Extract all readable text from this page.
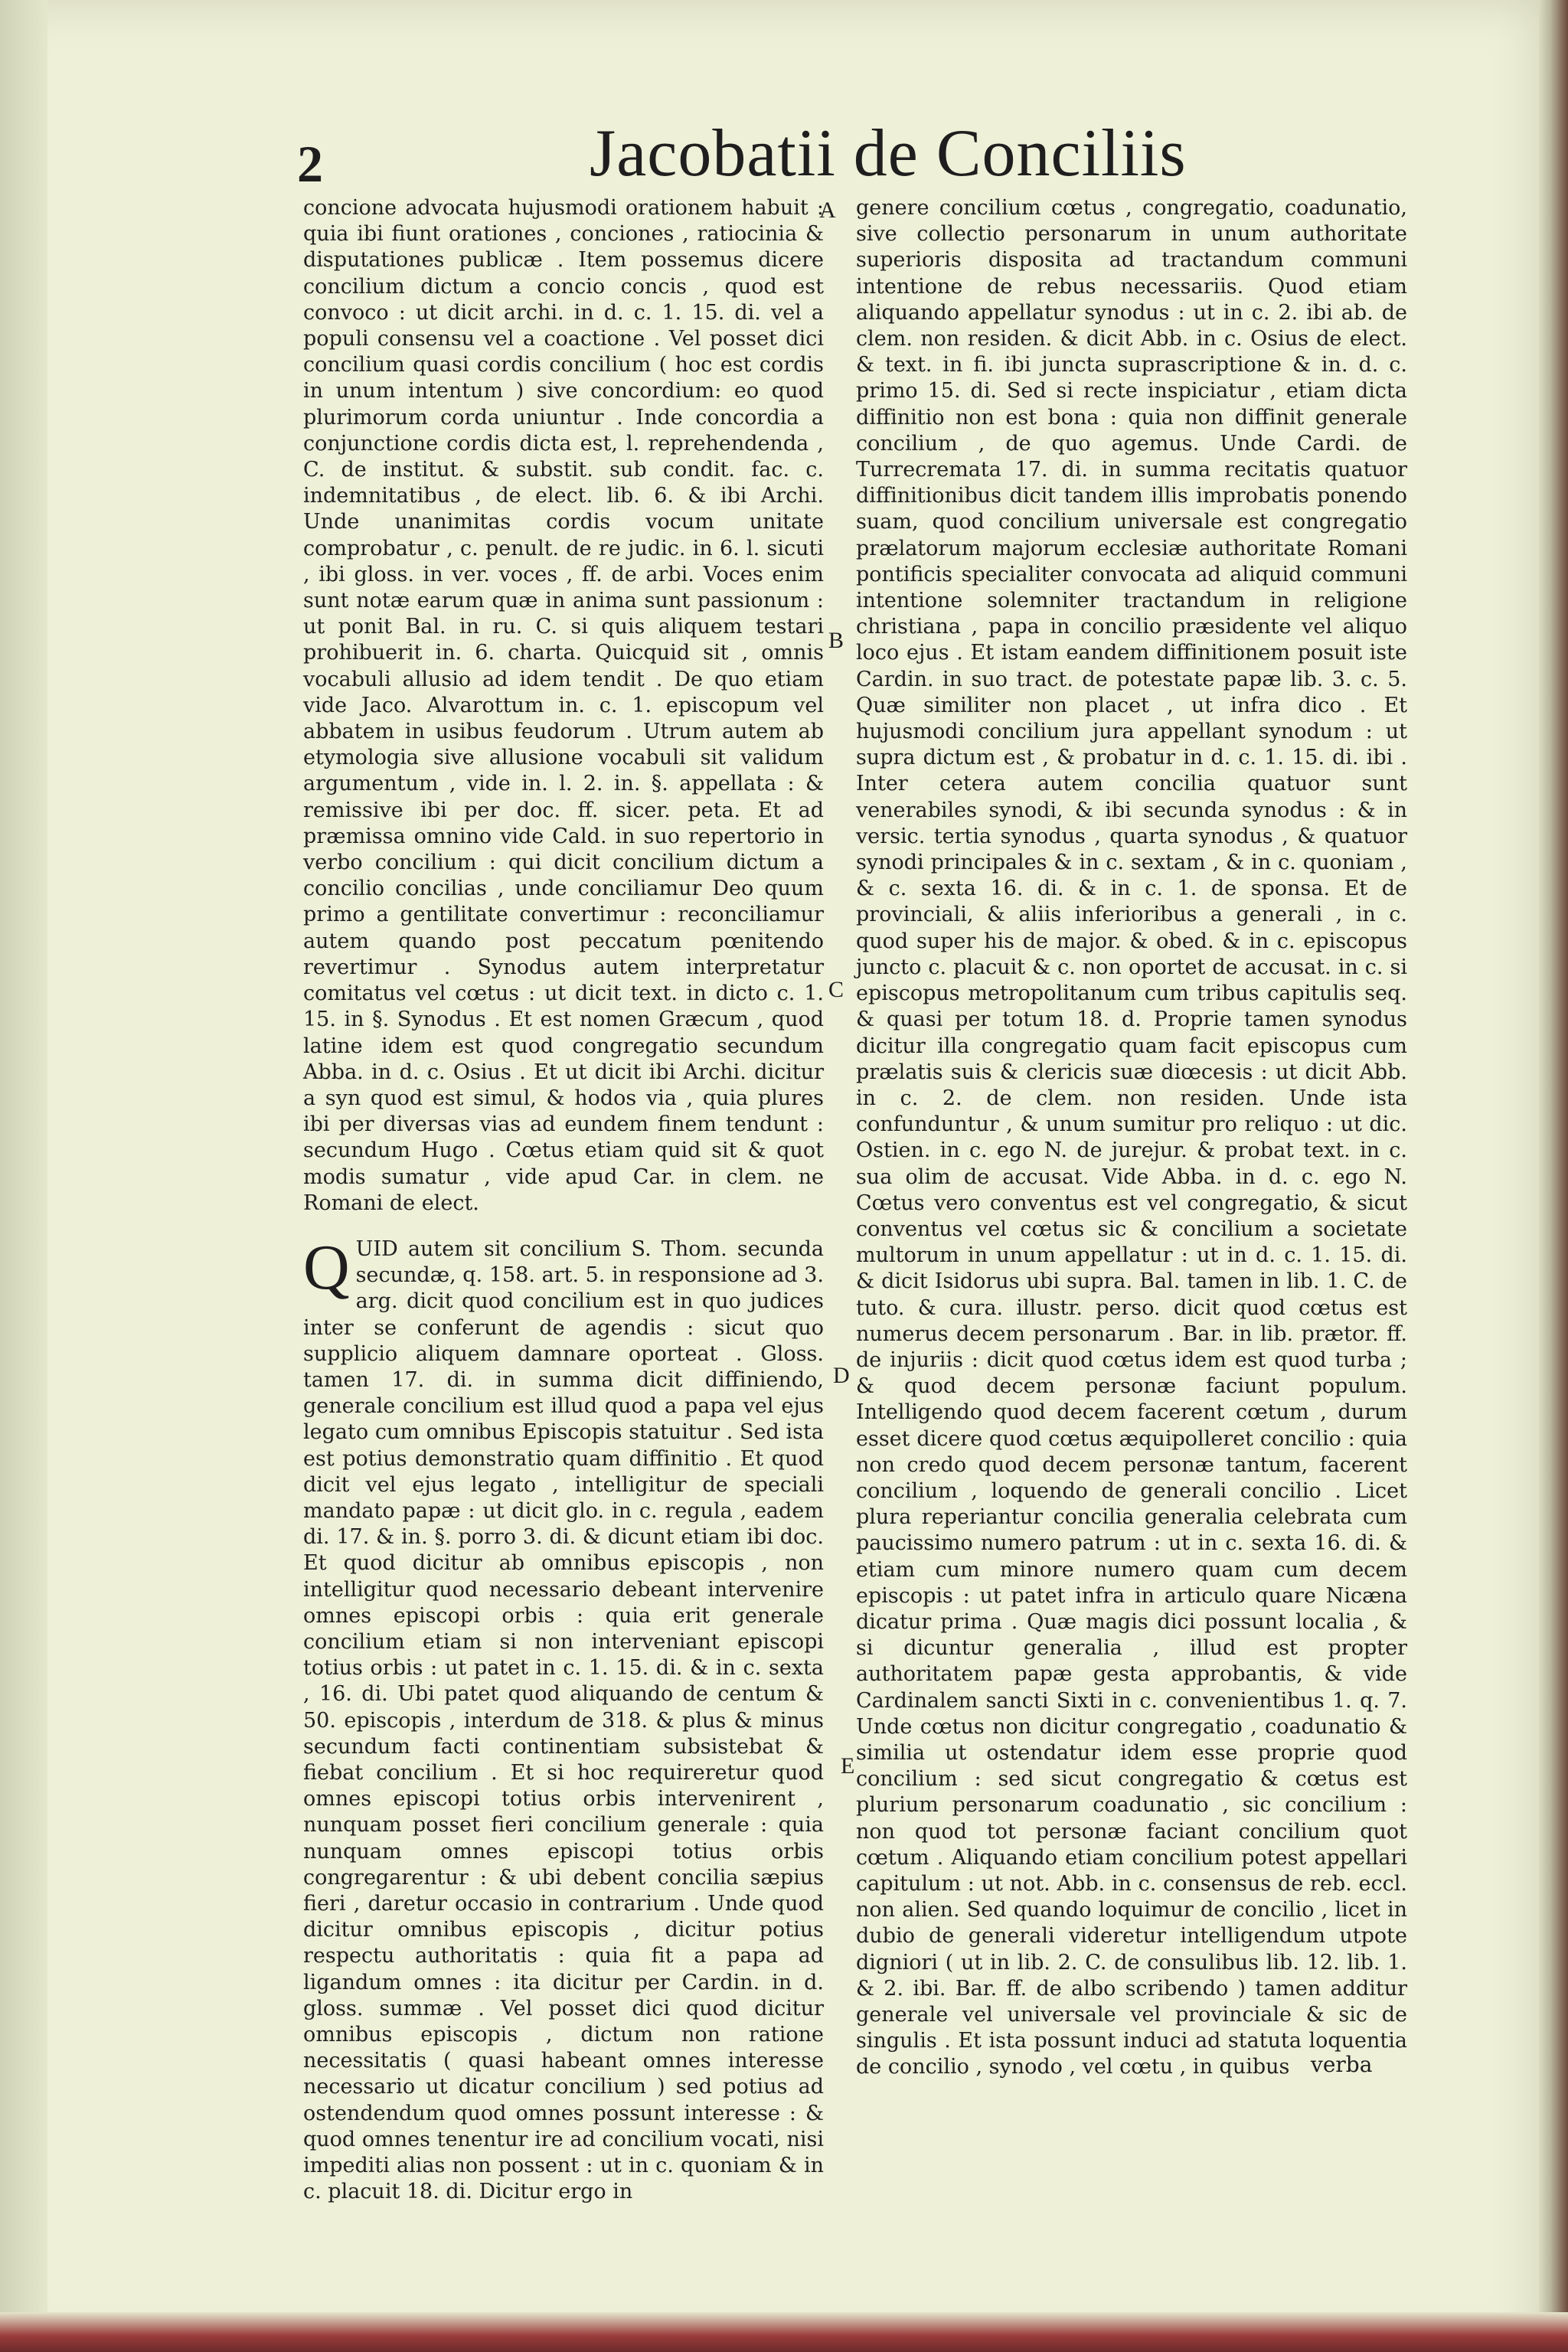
2	Jacobatii de Conciliis

concione advocata hujusmodi orationem habuit : quia ibi fiunt orationes , conciones , ratiocinia & disputationes publicæ . Item possemus dicere concilium dictum a concio concis , quod est convoco : ut dicit archi. in d. c. 1. 15. di. vel a populi consensu vel a coactione . Vel posset dici concilium quasi cordis concilium ( hoc est cordis in unum intentum ) sive concordium: eo quod plurimorum corda uniuntur . Inde concordia a conjunctione cordis dicta est, l. reprehendenda , C. de institut. & substit. sub condit. fac. c. indemnitatibus , de elect. lib. 6. & ibi Archi. Unde unanimitas cordis vocum unitate comprobatur , c. penult. de re judic. in 6. l. sicuti , ibi gloss. in ver. voces , ff. de arbi. Voces enim sunt notæ earum quæ in anima sunt passionum : ut ponit Bal. in ru. C. si quis aliquem testari prohibuerit in. 6. charta. Quicquid sit , omnis vocabuli allusio ad idem tendit . De quo etiam vide Jaco. Alvarottum in. c. 1. episcopum vel abbatem in usibus feudorum . Utrum autem ab etymologia sive allusione vocabuli sit validum argumentum , vide in. l. 2. in. §. appellata : & remissive ibi per doc. ff. sicer. peta. Et ad præmissa omnino vide Cald. in suo repertorio in verbo concilium : qui dicit concilium dictum a concilio concilias , unde conciliamur Deo quum primo a gentilitate convertimur : reconciliamur autem quando post peccatum pœnitendo revertimur . Synodus autem interpretatur comitatus vel cœtus : ut dicit text. in dicto c. 1. 15. in §. Synodus . Et est nomen Græcum , quod latine idem est quod congregatio secundum Abba. in d. c. Osius . Et ut dicit ibi Archi. dicitur a syn quod est simul, & hodos via , quia plures ibi per diversas vias ad eundem finem tendunt : secundum Hugo . Cœtus etiam quid sit & quot modis sumatur , vide apud Car. in clem. ne Romani de elect.

Q UID autem sit concilium S. Thom. secunda secundæ, q. 158. art. 5. in responsione ad 3. arg. dicit quod concilium est in quo judices inter se conferunt de agendis : sicut quo supplicio aliquem damnare oporteat . Gloss. tamen 17. di. in summa dicit diffiniendo, generale concilium est illud quod a papa vel ejus legato cum omnibus Episcopis statuitur . Sed ista est potius demonstratio quam diffinitio . Et quod dicit vel ejus legato , intelligitur de speciali mandato papæ : ut dicit glo. in c. regula , eadem di. 17. & in. §. porro 3. di. & dicunt etiam ibi doc. Et quod dicitur ab omnibus episcopis , non intelligitur quod necessario debeant intervenire omnes episcopi orbis : quia erit generale concilium etiam si non interveniant episcopi totius orbis : ut patet in c. 1. 15. di. & in c. sexta , 16. di. Ubi patet quod aliquando de centum & 50. episcopis , interdum de 318. & plus & minus secundum facti continentiam subsistebat & fiebat concilium . Et si hoc requireretur quod omnes episcopi totius orbis intervenirent , nunquam posset fieri concilium generale : quia nunquam omnes episcopi totius orbis congregarentur : & ubi debent concilia sæpius fieri , daretur occasio in contrarium . Unde quod dicitur omnibus episcopis , dicitur potius respectu authoritatis : quia fit a papa ad ligandum omnes : ita dicitur per Cardin. in d. gloss. summæ . Vel posset dici quod dicitur omnibus episcopis , dictum non ratione necessitatis ( quasi habeant omnes interesse necessario ut dicatur concilium ) sed potius ad ostendendum quod omnes possunt interesse : & quod omnes tenentur ire ad concilium vocati, nisi impediti alias non possent : ut in c. quoniam & in c. placuit 18. di. Dicitur ergo in

genere concilium cœtus , congregatio, coadunatio, sive collectio personarum in unum authoritate superioris disposita ad tractandum communi intentione de rebus necessariis. Quod etiam aliquando appellatur synodus : ut in c. 2. ibi ab. de clem. non residen. & dicit Abb. in c. Osius de elect. & text. in fi. ibi juncta suprascriptione & in. d. c. primo 15. di. Sed si recte inspiciatur , etiam dicta diffinitio non est bona : quia non diffinit generale concilium , de quo agemus. Unde Cardi. de Turrecremata 17. di. in summa recitatis quatuor diffinitionibus dicit tandem illis improbatis ponendo suam, quod concilium universale est congregatio prælatorum majorum ecclesiæ authoritate Romani pontificis specialiter convocata ad aliquid communi intentione solemniter tractandum in religione christiana , papa in concilio præsidente vel aliquo loco ejus . Et istam eandem diffinitionem posuit iste Cardin. in suo tract. de potestate papæ lib. 3. c. 5. Quæ similiter non placet , ut infra dico . Et hujusmodi concilium jura appellant synodum : ut supra dictum est , & probatur in d. c. 1. 15. di. ibi . Inter cetera autem concilia quatuor sunt venerabiles synodi, & ibi secunda synodus : & in versic. tertia synodus , quarta synodus , & quatuor synodi principales & in c. sextam , & in c. quoniam , & c. sexta 16. di. & in c. 1. de sponsa. Et de provinciali, & aliis inferioribus a generali , in c. quod super his de major. & obed. & in c. episcopus juncto c. placuit & c. non oportet de accusat. in c. si episcopus metropolitanum cum tribus capitulis seq. & quasi per totum 18. d. Proprie tamen synodus dicitur illa congregatio quam facit episcopus cum prælatis suis & clericis suæ diœcesis : ut dicit Abb. in c. 2. de clem. non residen. Unde ista confunduntur , & unum sumitur pro reliquo : ut dic. Ostien. in c. ego N. de jurejur. & probat text. in c. sua olim de accusat. Vide Abba. in d. c. ego N. Cœtus vero conventus est vel congregatio, & sicut conventus vel cœtus sic & concilium a societate multorum in unum appellatur : ut in d. c. 1. 15. di. & dicit Isidorus ubi supra. Bal. tamen in lib. 1. C. de tuto. & cura. illustr. perso. dicit quod cœtus est numerus decem personarum . Bar. in lib. prætor. ff. de injuriis : dicit quod cœtus idem est quod turba ; & quod decem personæ faciunt populum. Intelligendo quod decem facerent cœtum , durum esset dicere quod cœtus æquipolleret concilio : quia non credo quod decem personæ tantum, facerent concilium , loquendo de generali concilio . Licet plura reperiantur concilia generalia celebrata cum paucissimo numero patrum : ut in c. sexta 16. di. & etiam cum minore numero quam cum decem episcopis : ut patet infra in articulo quare Nicæna dicatur prima . Quæ magis dici possunt localia , & si dicuntur generalia , illud est propter authoritatem papæ gesta approbantis, & vide Cardinalem sancti Sixti in c. convenientibus 1. q. 7. Unde cœtus non dicitur congregatio , coadunatio & similia ut ostendatur idem esse proprie quod concilium : sed sicut congregatio & cœtus est plurium personarum coadunatio , sic concilium : non quod tot personæ faciant concilium quot cœtum . Aliquando etiam concilium potest appellari capitulum : ut not. Abb. in c. consensus de reb. eccl. non alien. Sed quando loquimur de concilio , licet in dubio de generali videretur intelligendum utpote digniori ( ut in lib. 2. C. de consulibus lib. 12. lib. 1. & 2. ibi. Bar. ff. de albo scribendo ) tamen additur generale vel universale vel provinciale & sic de singulis . Et ista possunt induci ad statuta loquentia de concilio , synodo , vel cœtu , in quibus

A
B
C
D
E
verba
